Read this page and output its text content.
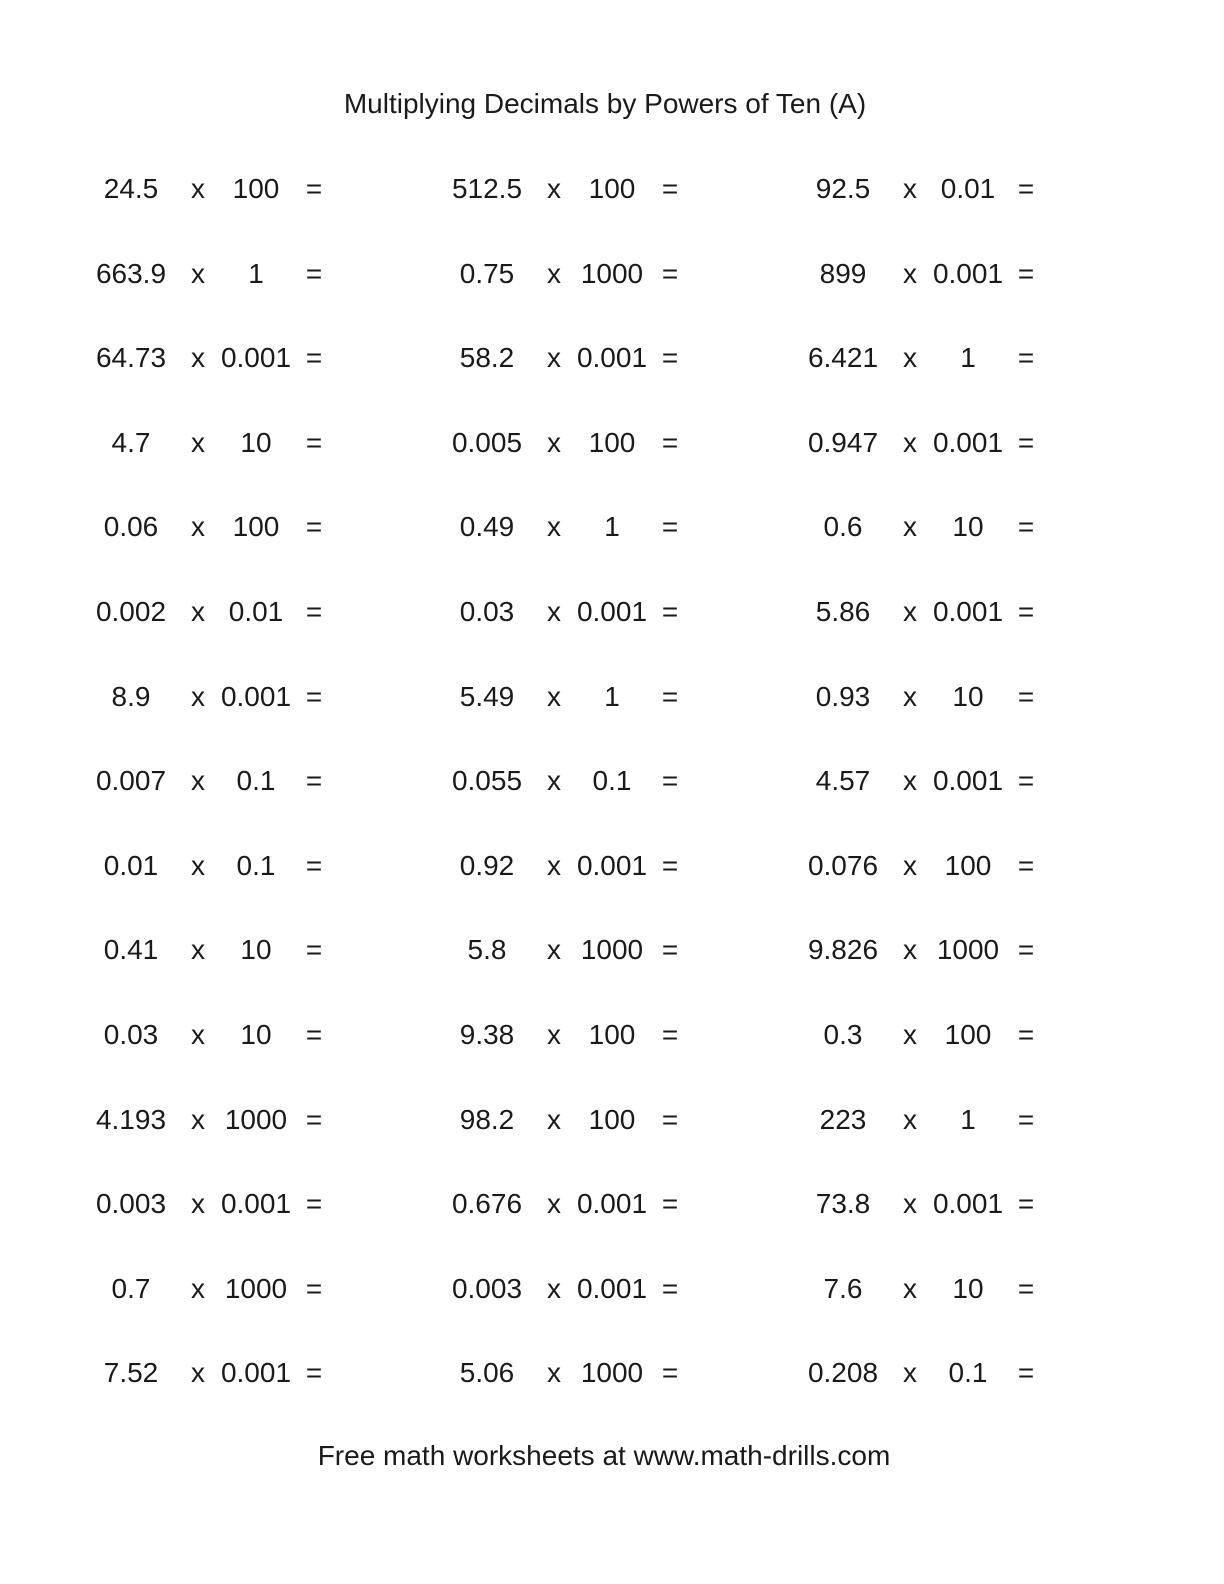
Multiplying Decimals by Powers of Ten (A)
24.5	x 100 =	512.5 x 100 =	92.5	x 0.01 =
663.9 x	1	=	0.75	x 1000 =	899	x 0.001 =
64.73 x 0.001 =	58.2	x 0.001 =	6.421 x	1	=
4.7	x	10	=	0.005 x 100 =	0.947 x 0.001 =
0.06	x 100 =	0.49	x	1	=	0.6	x	10	=
0.002 x 0.01 =	0.03	x 0.001 =	5.86	x 0.001 =
8.9	x 0.001 =	5.49	x	1	=	0.93	x	10	=
0.007 x	0.1	=	0.055 x	0.1	=	4.57	x 0.001 =
0.01	x	0.1	=	0.92	x 0.001 =	0.076 x 100 =
0.41	x	10	=	5.8	x 1000 =	9.826 x 1000 =
0.03	x	10	=	9.38	x 100 =	0.3	x 100 =
4.193 x 1000 =	98.2	x 100 =	223	x	1	=
0.003 x 0.001 =	0.676 x 0.001 =	73.8	x 0.001 =
0.7	x 1000 =	0.003 x 0.001 =	7.6	x	10	=
7.52	x 0.001 =	5.06	x 1000 =	0.208 x	0.1	=
Free math worksheets at www.math-drills.com
